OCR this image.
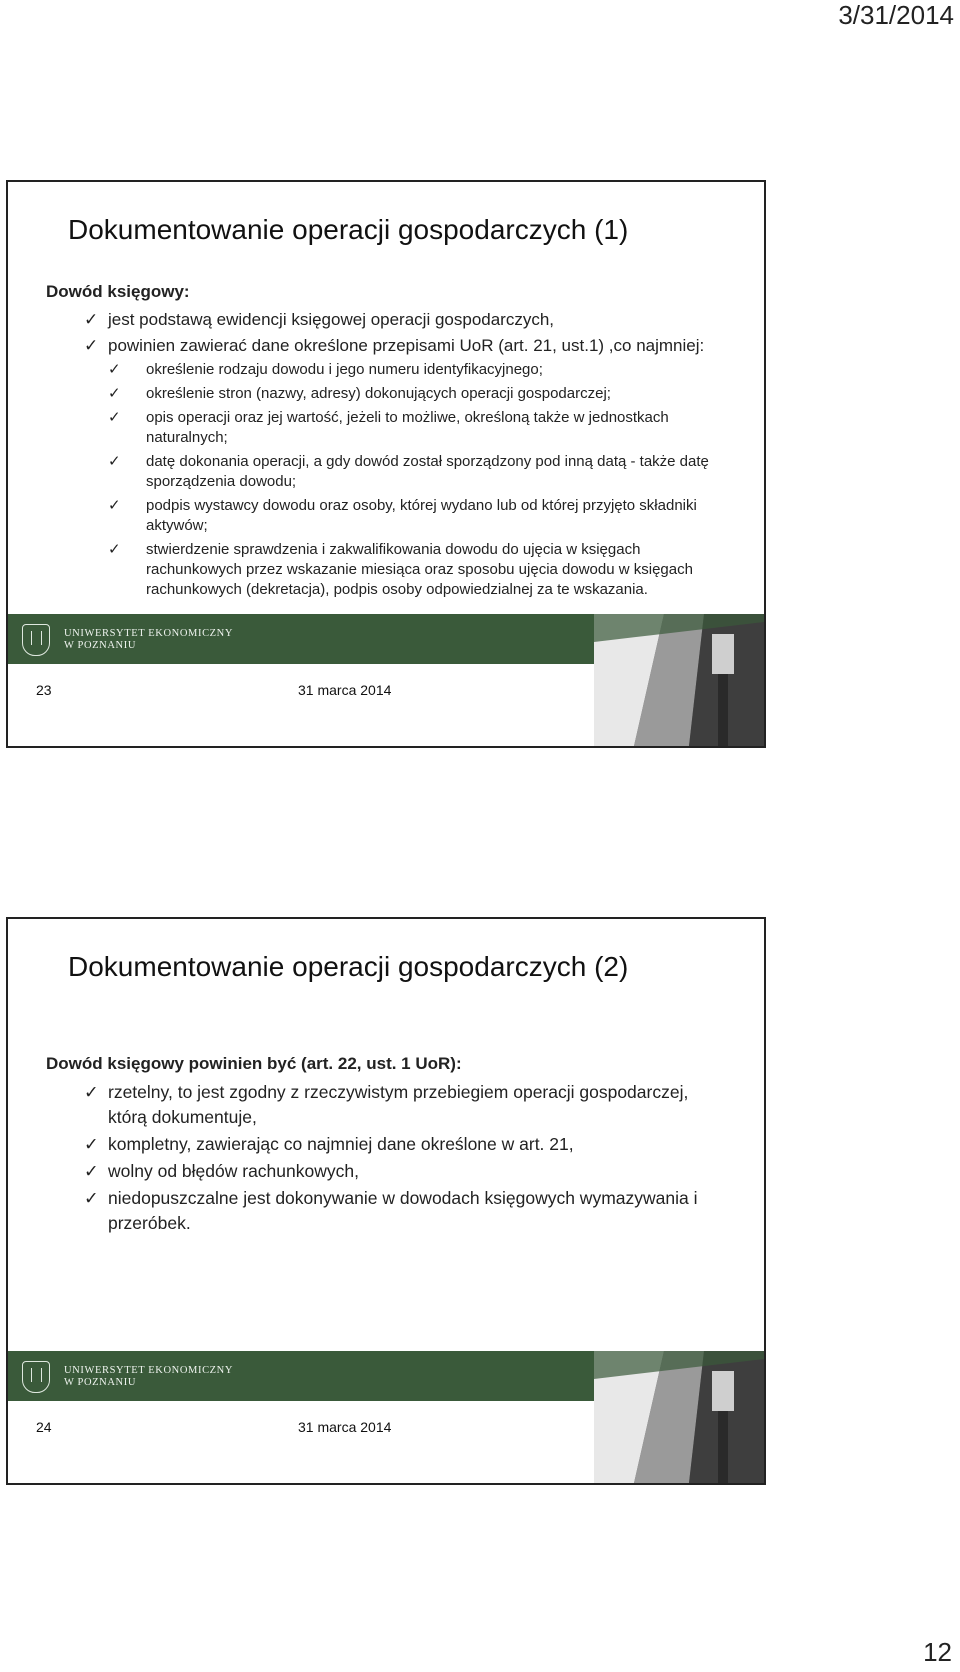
3/31/2014
Dokumentowanie operacji gospodarczych (1)
Dowód księgowy:
✓ jest podstawą ewidencji księgowej operacji gospodarczych,
✓ powinien zawierać dane określone przepisami UoR (art. 21, ust.1) ,co najmniej:
✓ określenie rodzaju dowodu i jego numeru identyfikacyjnego;
✓ określenie stron (nazwy, adresy) dokonujących operacji gospodarczej;
✓ opis operacji oraz jej wartość, jeżeli to możliwe, określoną także w jednostkach naturalnych;
✓ datę dokonania operacji, a gdy dowód został sporządzony pod inną datą - także datę sporządzenia dowodu;
✓ podpis wystawcy dowodu oraz osoby, której wydano lub od której przyjęto składniki aktywów;
✓ stwierdzenie sprawdzenia i zakwalifikowania dowodu do ujęcia w księgach rachunkowych przez wskazanie miesiąca oraz sposobu ujęcia dowodu w księgach rachunkowych (dekretacja), podpis osoby odpowiedzialnej za te wskazania.
UNIWERSYTET EKONOMICZNY
W POZNANIU
23	31 marca 2014
Dokumentowanie operacji gospodarczych (2)
Dowód księgowy powinien być (art. 22, ust. 1 UoR):
✓ rzetelny, to jest zgodny z rzeczywistym przebiegiem operacji gospodarczej, którą dokumentuje,
✓ kompletny, zawierając co najmniej dane określone w art. 21,
✓ wolny od błędów rachunkowych,
✓ niedopuszczalne jest dokonywanie w dowodach księgowych wymazywania i przeróbek.
UNIWERSYTET EKONOMICZNY
W POZNANIU
24	31 marca 2014
12
